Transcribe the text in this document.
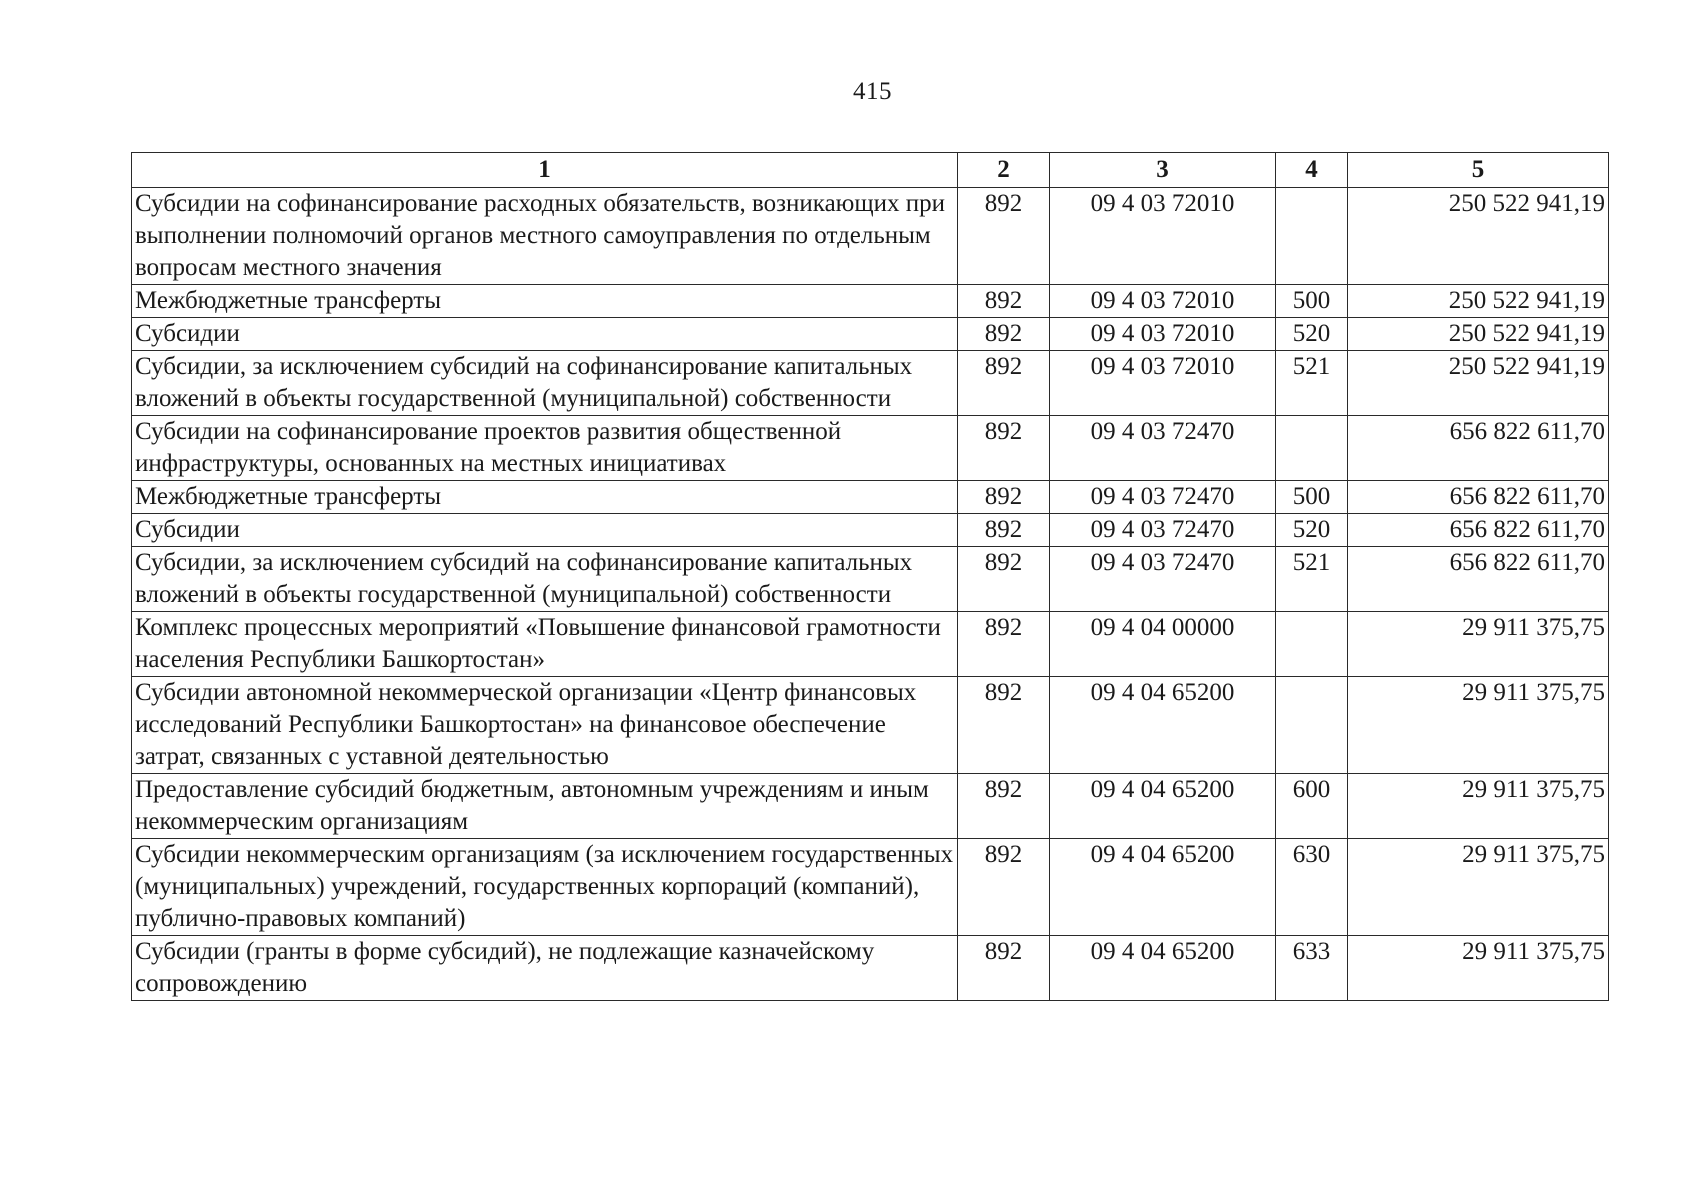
415
1	2	3	4	5
Субсидии на софинансирование расходных обязательств, возникающих при выполнении полномочий органов местного самоуправления по отдельным вопросам местного значения	892	09 4 03 72010		250 522 941,19
Межбюджетные трансферты	892	09 4 03 72010	500	250 522 941,19
Субсидии	892	09 4 03 72010	520	250 522 941,19
Субсидии, за исключением субсидий на софинансирование капитальных вложений в объекты государственной (муниципальной) собственности	892	09 4 03 72010	521	250 522 941,19
Субсидии на софинансирование проектов развития общественной инфраструктуры, основанных на местных инициативах	892	09 4 03 72470		656 822 611,70
Межбюджетные трансферты	892	09 4 03 72470	500	656 822 611,70
Субсидии	892	09 4 03 72470	520	656 822 611,70
Субсидии, за исключением субсидий на софинансирование капитальных вложений в объекты государственной (муниципальной) собственности	892	09 4 03 72470	521	656 822 611,70
Комплекс процессных мероприятий «Повышение финансовой грамотности населения Республики Башкортостан»	892	09 4 04 00000		29 911 375,75
Субсидии автономной некоммерческой организации «Центр финансовых исследований Республики Башкортостан» на финансовое обеспечение затрат, связанных с уставной деятельностью	892	09 4 04 65200		29 911 375,75
Предоставление субсидий бюджетным, автономным учреждениям и иным некоммерческим организациям	892	09 4 04 65200	600	29 911 375,75
Субсидии некоммерческим организациям (за исключением государственных (муниципальных) учреждений, государственных корпораций (компаний), публично-правовых компаний)	892	09 4 04 65200	630	29 911 375,75
Субсидии (гранты в форме субсидий), не подлежащие казначейскому сопровождению	892	09 4 04 65200	633	29 911 375,75
